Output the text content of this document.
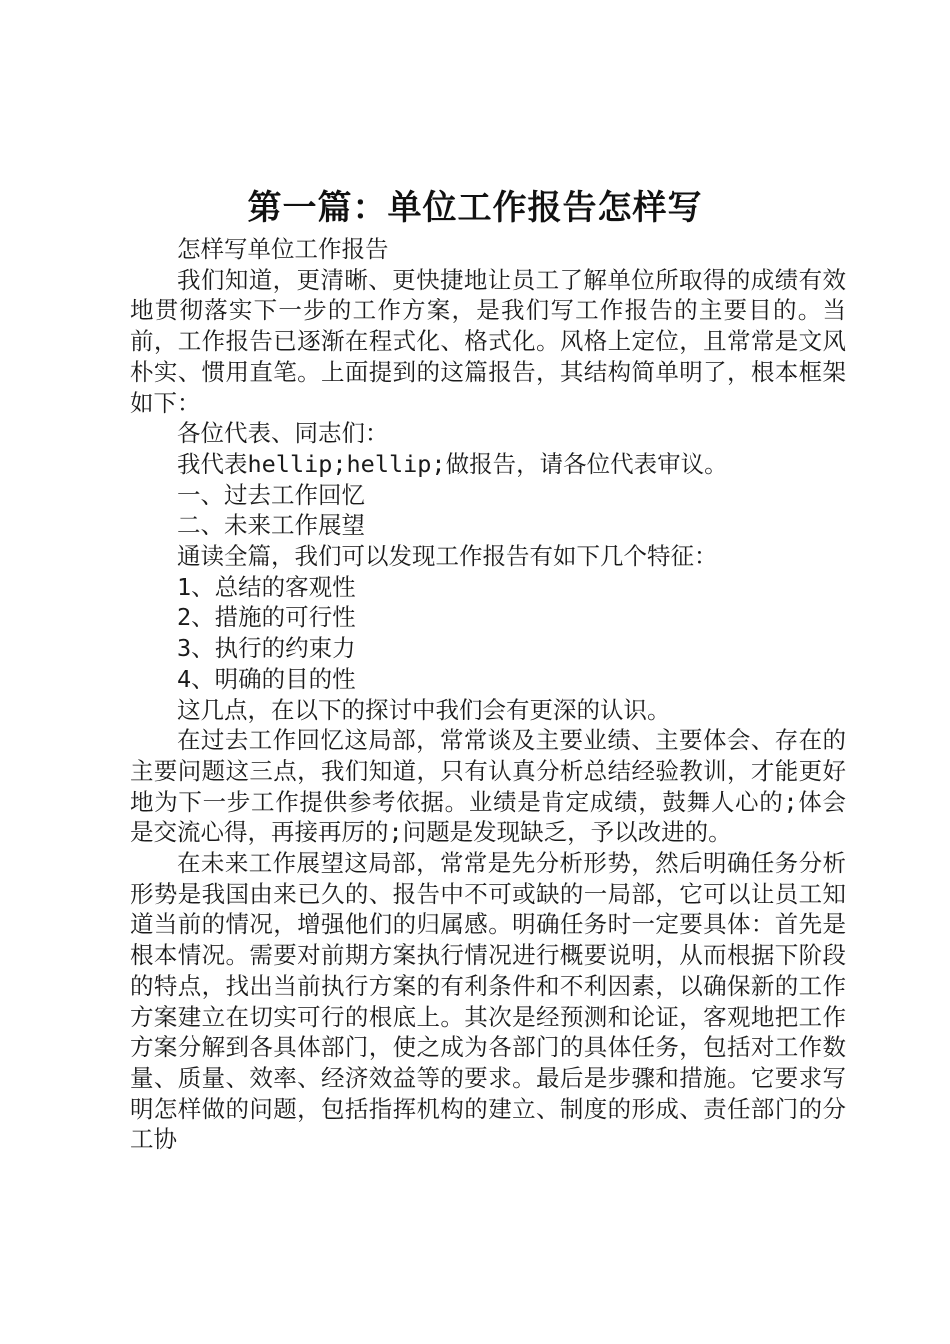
第一篇：单位工作报告怎样写

怎样写单位工作报告

我们知道，更清晰、更快捷地让员工了解单位所取得的成绩有效地贯彻落实下一步的工作方案，是我们写工作报告的主要目的。当前，工作报告已逐渐在程式化、格式化。风格上定位，且常常是文风朴实、惯用直笔。上面提到的这篇报告，其结构简单明了，根本框架如下：

各位代表、同志们：

我代表hellip;hellip;做报告，请各位代表审议。

一、过去工作回忆

二、未来工作展望

通读全篇，我们可以发现工作报告有如下几个特征：

1、总结的客观性

2、措施的可行性

3、执行的约束力

4、明确的目的性

这几点，在以下的探讨中我们会有更深的认识。

在过去工作回忆这局部，常常谈及主要业绩、主要体会、存在的主要问题这三点，我们知道，只有认真分析总结经验教训，才能更好地为下一步工作提供参考依据。业绩是肯定成绩，鼓舞人心的;体会是交流心得，再接再厉的;问题是发现缺乏，予以改进的。

在未来工作展望这局部，常常是先分析形势，然后明确任务分析形势是我国由来已久的、报告中不可或缺的一局部，它可以让员工知道当前的情况，增强他们的归属感。明确任务时一定要具体：首先是根本情况。需要对前期方案执行情况进行概要说明，从而根据下阶段的特点，找出当前执行方案的有利条件和不利因素，以确保新的工作方案建立在切实可行的根底上。其次是经预测和论证，客观地把工作方案分解到各具体部门，使之成为各部门的具体任务，包括对工作数量、质量、效率、经济效益等的要求。最后是步骤和措施。它要求写明怎样做的问题，包括指挥机构的建立、制度的形成、责任部门的分工协
